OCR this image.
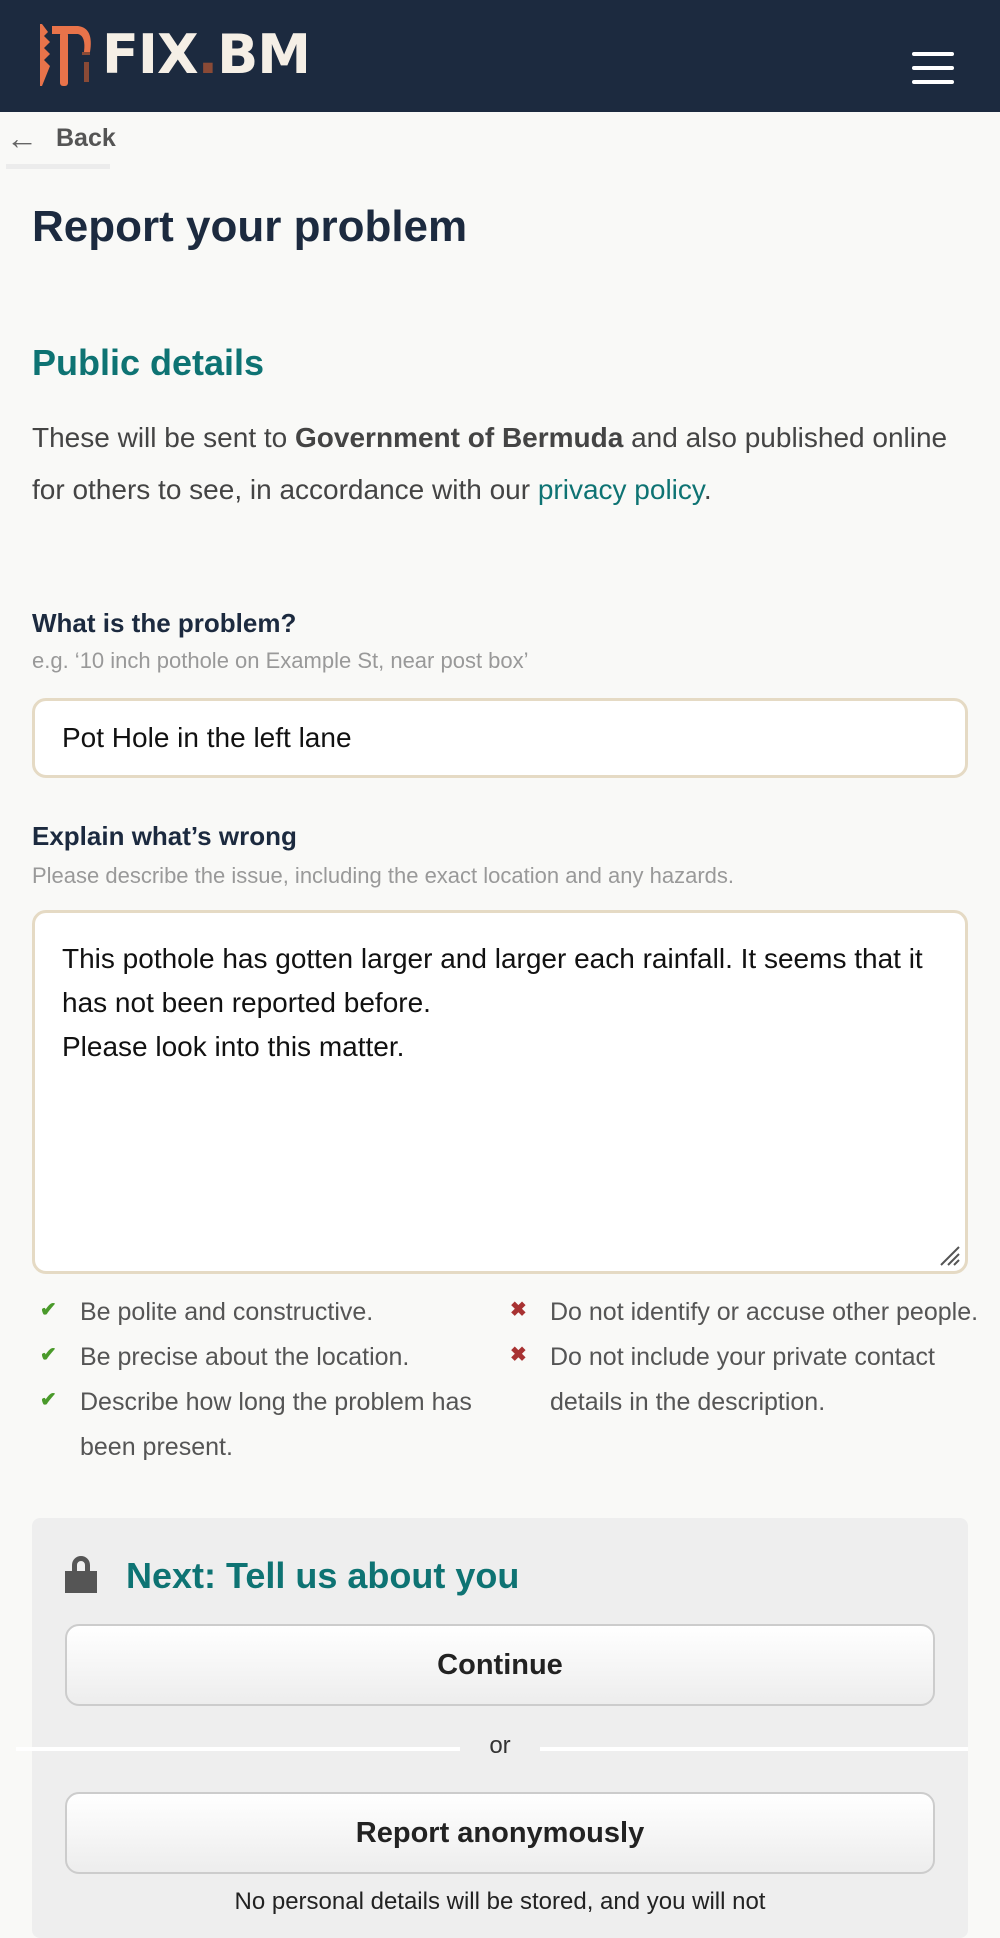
FIX.BM
← Back
Report your problem
Public details

These will be sent to Government of Bermuda and also published online for others to see, in accordance with our privacy policy.

What is the problem?
e.g. ‘10 inch pothole on Example St, near post box’
Pot Hole in the left lane
Explain what’s wrong
Please describe the issue, including the exact location and any hazards.
This pothole has gotten larger and larger each rainfall. It seems that it has not been reported before.
Please look into this matter.

✔ Be polite and constructive.
✔ Be precise about the location.
✔ Describe how long the problem has been present.
✖ Do not identify or accuse other people.
✖ Do not include your private contact details in the description.
Next: Tell us about you
Continue
or
Report anonymously
No personal details will be stored, and you will not
